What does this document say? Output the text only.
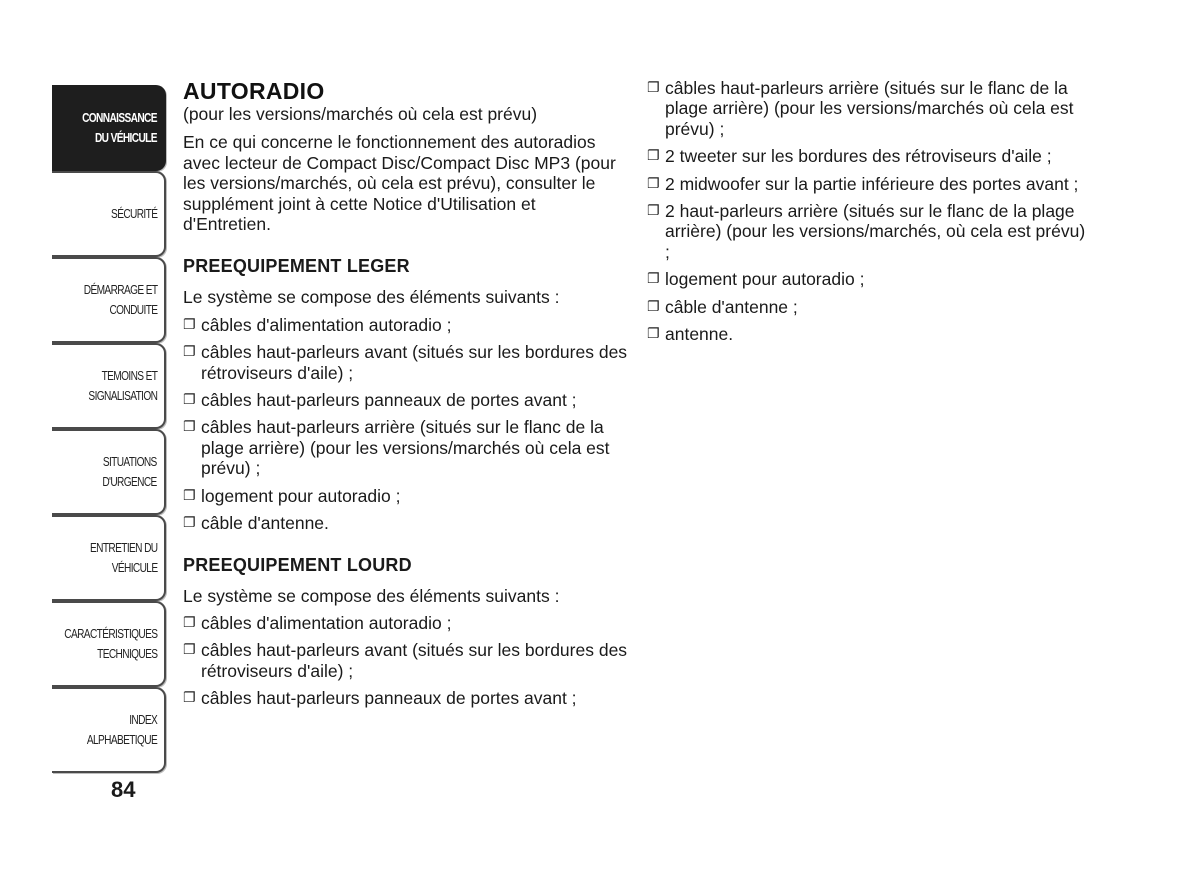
CONNAISSANCE
DU VÉHICULE
SÉCURITÉ
DÉMARRAGE ET
CONDUITE
TEMOINS ET
SIGNALISATION
SITUATIONS
D'URGENCE
ENTRETIEN DU
VÉHICULE
CARACTÉRISTIQUES
TECHNIQUES
INDEX
ALPHABETIQUE
84
AUTORADIO

(pour les versions/marchés où cela est prévu)

En ce qui concerne le fonctionnement des autoradios avec lecteur de Compact Disc/Compact Disc MP3 (pour les versions/marchés, où cela est prévu), consulter le supplément joint à cette Notice d'Utilisation et d'Entretien.

PREEQUIPEMENT LEGER

Le système se compose des éléments suivants :

❐ câbles d'alimentation autoradio ;
❐ câbles haut-parleurs avant (situés sur les bordures des rétroviseurs d'aile) ;
❐ câbles haut-parleurs panneaux de portes avant ;
❐ câbles haut-parleurs arrière (situés sur le flanc de la plage arrière) (pour les versions/marchés où cela est prévu) ;
❐ logement pour autoradio ;
❐ câble d'antenne.
PREEQUIPEMENT LOURD

Le système se compose des éléments suivants :

❐ câbles d'alimentation autoradio ;
❐ câbles haut-parleurs avant (situés sur les bordures des rétroviseurs d'aile) ;
❐ câbles haut-parleurs panneaux de portes avant ;
❐ câbles haut-parleurs arrière (situés sur le flanc de la plage arrière) (pour les versions/marchés où cela est prévu) ;
❐ 2 tweeter sur les bordures des rétroviseurs d'aile ;
❐ 2 midwoofer sur la partie inférieure des portes avant ;
❐ 2 haut-parleurs arrière (situés sur le flanc de la plage arrière) (pour les versions/marchés, où cela est prévu) ;
❐ logement pour autoradio ;
❐ câble d'antenne ;
❐ antenne.
